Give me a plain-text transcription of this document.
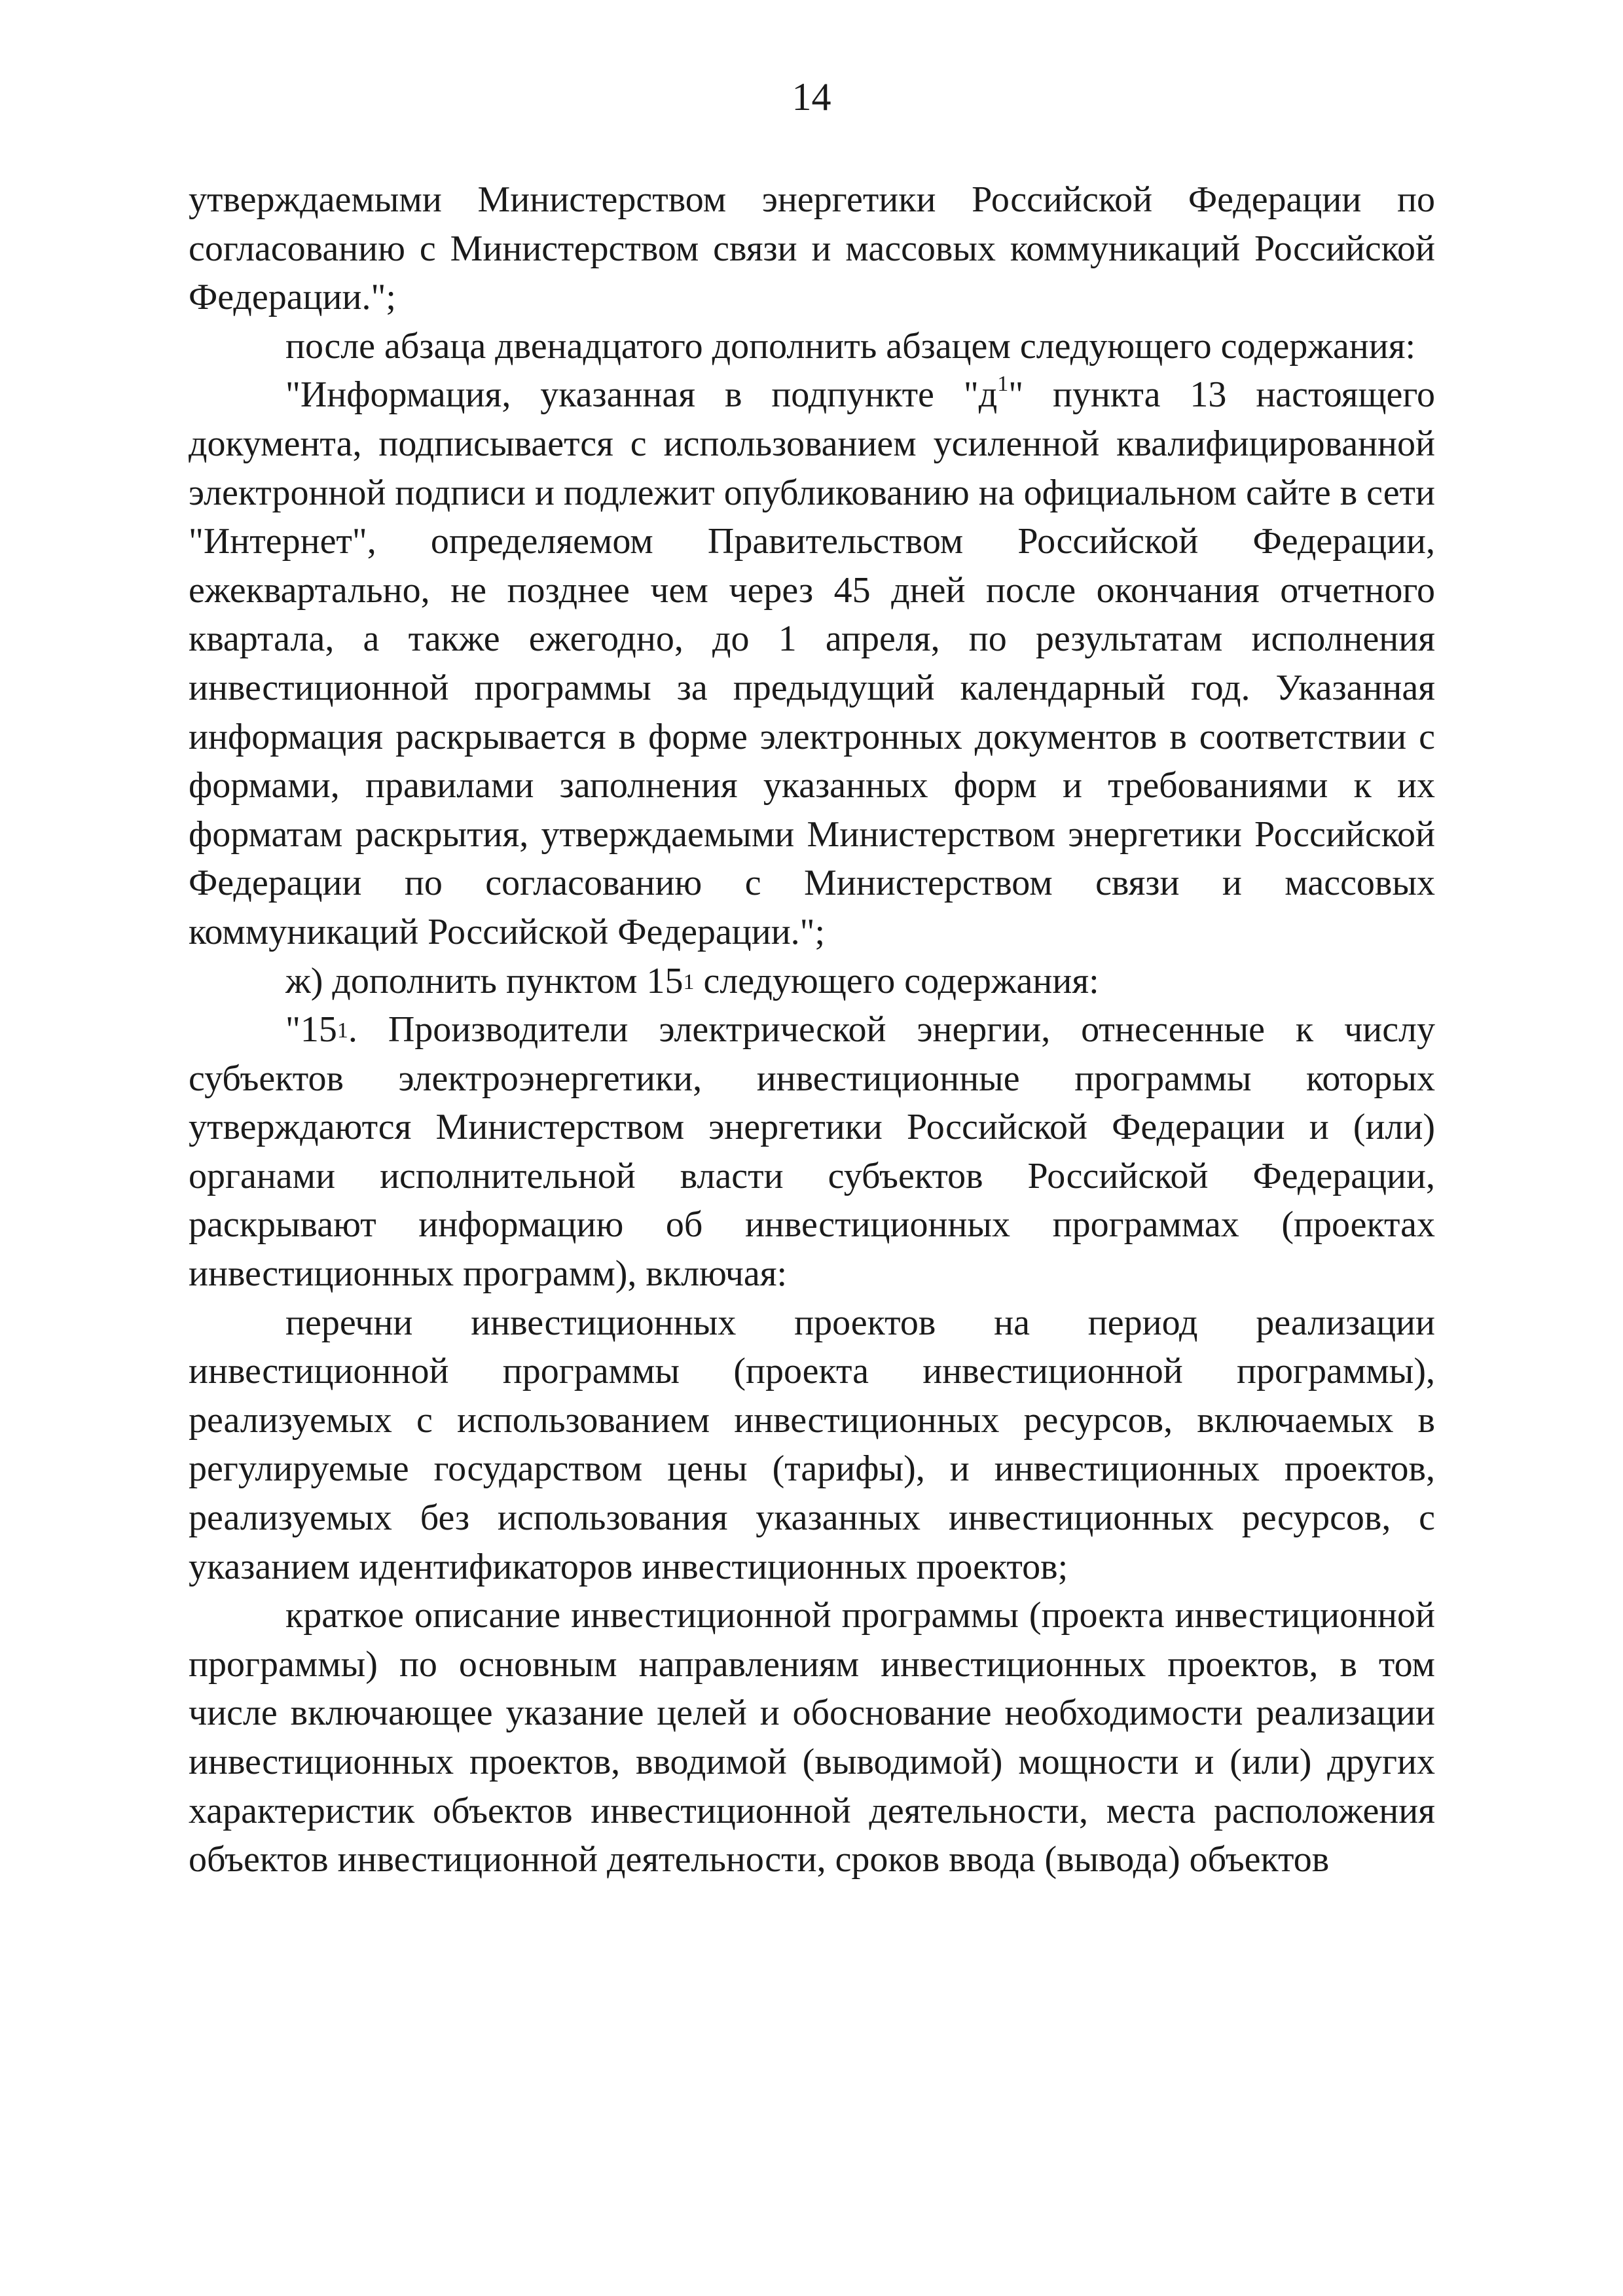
14

утверждаемыми Министерством энергетики Российской Федерации по согласованию с Министерством связи и массовых коммуникаций Российской Федерации.";

после абзаца двенадцатого дополнить абзацем следующего содержания:

"Информация, указанная в подпункте "$д^1$" пункта 13 настоящего документа, подписывается с использованием усиленной квалифицированной электронной подписи и подлежит опубликованию на официальном сайте в сети "Интернет", определяемом Правительством Российской Федерации, ежеквартально, не позднее чем через 45 дней после окончания отчетного квартала, а также ежегодно, до 1 апреля, по результатам исполнения инвестиционной программы за предыдущий календарный год. Указанная информация раскрывается в форме электронных документов в соответствии с формами, правилами заполнения указанных форм и требованиями к их форматам раскрытия, утверждаемыми Министерством энергетики Российской Федерации по согласованию с Министерством связи и массовых коммуникаций Российской Федерации.";

ж) дополнить пунктом $15^1$ следующего содержания:

"$15^1$. Производители электрической энергии, отнесенные к числу субъектов электроэнергетики, инвестиционные программы которых утверждаются Министерством энергетики Российской Федерации и (или) органами исполнительной власти субъектов Российской Федерации, раскрывают информацию об инвестиционных программах (проектах инвестиционных программ), включая:

перечни инвестиционных проектов на период реализации инвестиционной программы (проекта инвестиционной программы), реализуемых с использованием инвестиционных ресурсов, включаемых в регулируемые государством цены (тарифы), и инвестиционных проектов, реализуемых без использования указанных инвестиционных ресурсов, с указанием идентификаторов инвестиционных проектов;

краткое описание инвестиционной программы (проекта инвестиционной программы) по основным направлениям инвестиционных проектов, в том числе включающее указание целей и обоснование необходимости реализации инвестиционных проектов, вводимой (выводимой) мощности и (или) других характеристик объектов инвестиционной деятельности, места расположения объектов инвестиционной деятельности, сроков ввода (вывода) объектов
